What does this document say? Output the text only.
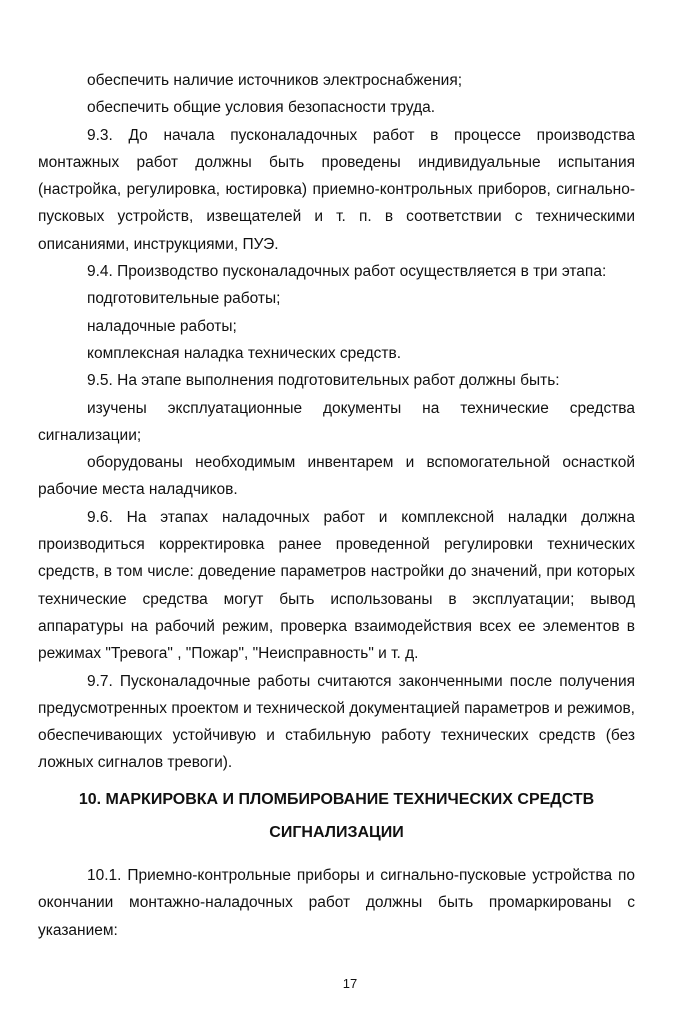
обеспечить наличие источников электроснабжения;

обеспечить общие условия безопасности труда.

9.3. До начала пусконаладочных работ в процессе производства монтажных работ должны быть проведены индивидуальные испытания (настройка, регулировка, юстировка) приемно-контрольных приборов, сигнально-пусковых устройств, извещателей и т. п. в соответствии с техническими описаниями, инструкциями, ПУЭ.

9.4. Производство пусконаладочных работ осуществляется в три этапа:

подготовительные работы;

наладочные работы;

комплексная наладка технических средств.

9.5. На этапе выполнения подготовительных работ должны быть:

изучены эксплуатационные документы на технические средства сигнализации;

оборудованы необходимым инвентарем и вспомогательной оснасткой рабочие места наладчиков.

9.6. На этапах наладочных работ и комплексной наладки должна производиться корректировка ранее проведенной регулировки технических средств, в том числе: доведение параметров настройки до значений, при которых технические средства могут быть использованы в эксплуатации; вывод аппаратуры на рабочий режим, проверка взаимодействия всех ее элементов в режимах "Тревога" , "Пожар", "Неисправность" и т. д.

9.7. Пусконаладочные работы считаются законченными после получения предусмотренных проектом и технической документацией параметров и режимов, обеспечивающих устойчивую и стабильную работу технических средств (без ложных сигналов тревоги).

10. МАРКИРОВКА И ПЛОМБИРОВАНИЕ ТЕХНИЧЕСКИХ СРЕДСТВ
СИГНАЛИЗАЦИИ

10.1. Приемно-контрольные приборы и сигнально-пусковые устройства по окончании монтажно-наладочных работ должны быть промаркированы с указанием:

17
